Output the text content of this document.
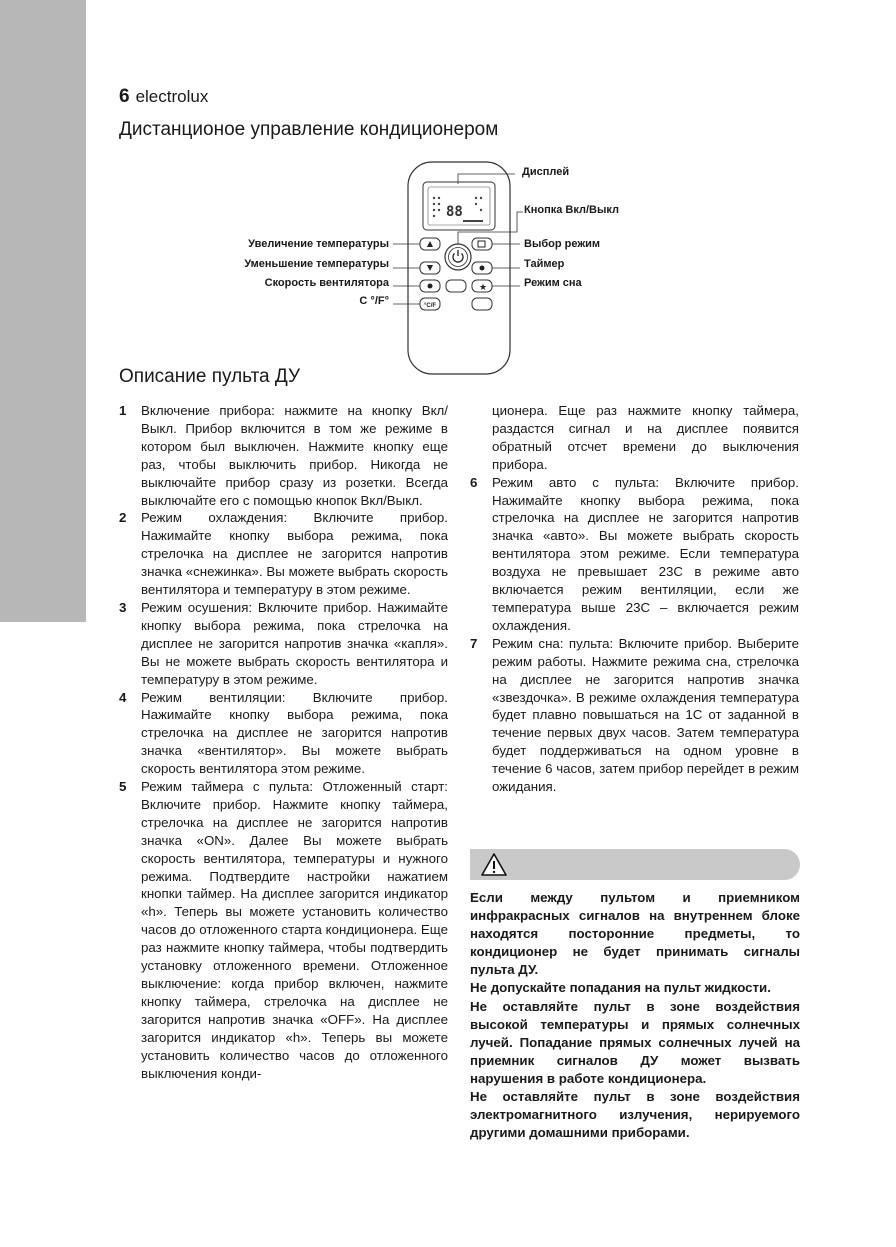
6 electrolux
Дистанционое управление кондиционером
88
★
°C/F
Дисплей
Кнопка Вкл/Выкл
Увеличение температуры
Уменьшение температуры
Скорость вентилятора
С °/F°
Выбор режим
Таймер
Режим сна
Описание пульта ДУ
1 Включение прибора: нажмите на кнопку Вкл/Выкл. Прибор включится в том же режиме в котором был выключен. Нажмите кнопку еще раз, чтобы выключить прибор. Никогда не выключайте прибор сразу из розетки. Всегда выключайте его с помощью кнопок Вкл/Выкл.
2 Режим охлаждения: Включите прибор. Нажимайте кнопку выбора режима, пока стрелочка на дисплее не загорится напротив значка «снежинка». Вы можете выбрать скорость вентилятора и температуру в этом режиме.
3 Режим осушения: Включите прибор. Нажимайте кнопку выбора режима, пока стрелочка на дисплее не загорится напротив значка «капля». Вы не можете выбрать скорость вентилятора и температуру в этом режиме.
4 Режим вентиляции: Включите прибор. Нажимайте кнопку выбора режима, пока стрелочка на дисплее не загорится напротив значка «вентилятор». Вы можете выбрать скорость вентилятора этом режиме.
5 Режим таймера с пульта: Отложенный старт: Включите прибор. Нажмите кнопку таймера, стрелочка на дисплее не загорится напротив значка «ON». Далее Вы можете выбрать скорость вентилятора, температуры и нужного режима. Подтвердите настройки нажатием кнопки таймер. На дисплее загорится индикатор «h». Теперь вы можете установить количество часов до отложенного старта кондиционера. Еще раз нажмите кнопку таймера, чтобы подтвердить установку отложенного времени. Отложенное выключение: когда прибор включен, нажмите кнопку таймера, стрелочка на дисплее не загорится напротив значка «OFF». На дисплее загорится индикатор «h». Теперь вы можете установить количество часов до отложенного выключения конди-
ционера. Еще раз нажмите кнопку таймера, раздастся сигнал и на дисплее появится обратный отсчет времени до выключения прибора.
6 Режим авто с пульта: Включите прибор. Нажимайте кнопку выбора режима, пока стрелочка на дисплее не загорится напротив значка «авто». Вы можете выбрать скорость вентилятора этом режиме. Если температура воздуха не превышает 23С в режиме авто включается режим вентиляции, если же температура выше 23С – включается режим охлаждения.
7 Режим сна: пульта: Включите прибор. Выберите режим работы. Нажмите режима сна, стрелочка на дисплее не загорится напротив значка «звездочка». В режиме охлаждения температура будет плавно повышаться на 1С от заданной в течение первых двух часов. Затем температура будет поддерживаться на одном уровне в течение 6 часов, затем прибор перейдет в режим ожидания.

Если между пультом и приемником инфракрасных сигналов на внутреннем блоке находятся посторонние предметы, то кондиционер не будет принимать сигналы пульта ДУ.

Не допускайте попадания на пульт жидкости.

Не оставляйте пульт в зоне воздействия высокой температуры и прямых солнечных лучей. Попадание прямых солнечных лучей на приемник сигналов ДУ может вызвать нарушения в работе кондиционера.

Не оставляйте пульт в зоне воздействия электромагнитного излучения, нерируемого другими домашними приборами.
